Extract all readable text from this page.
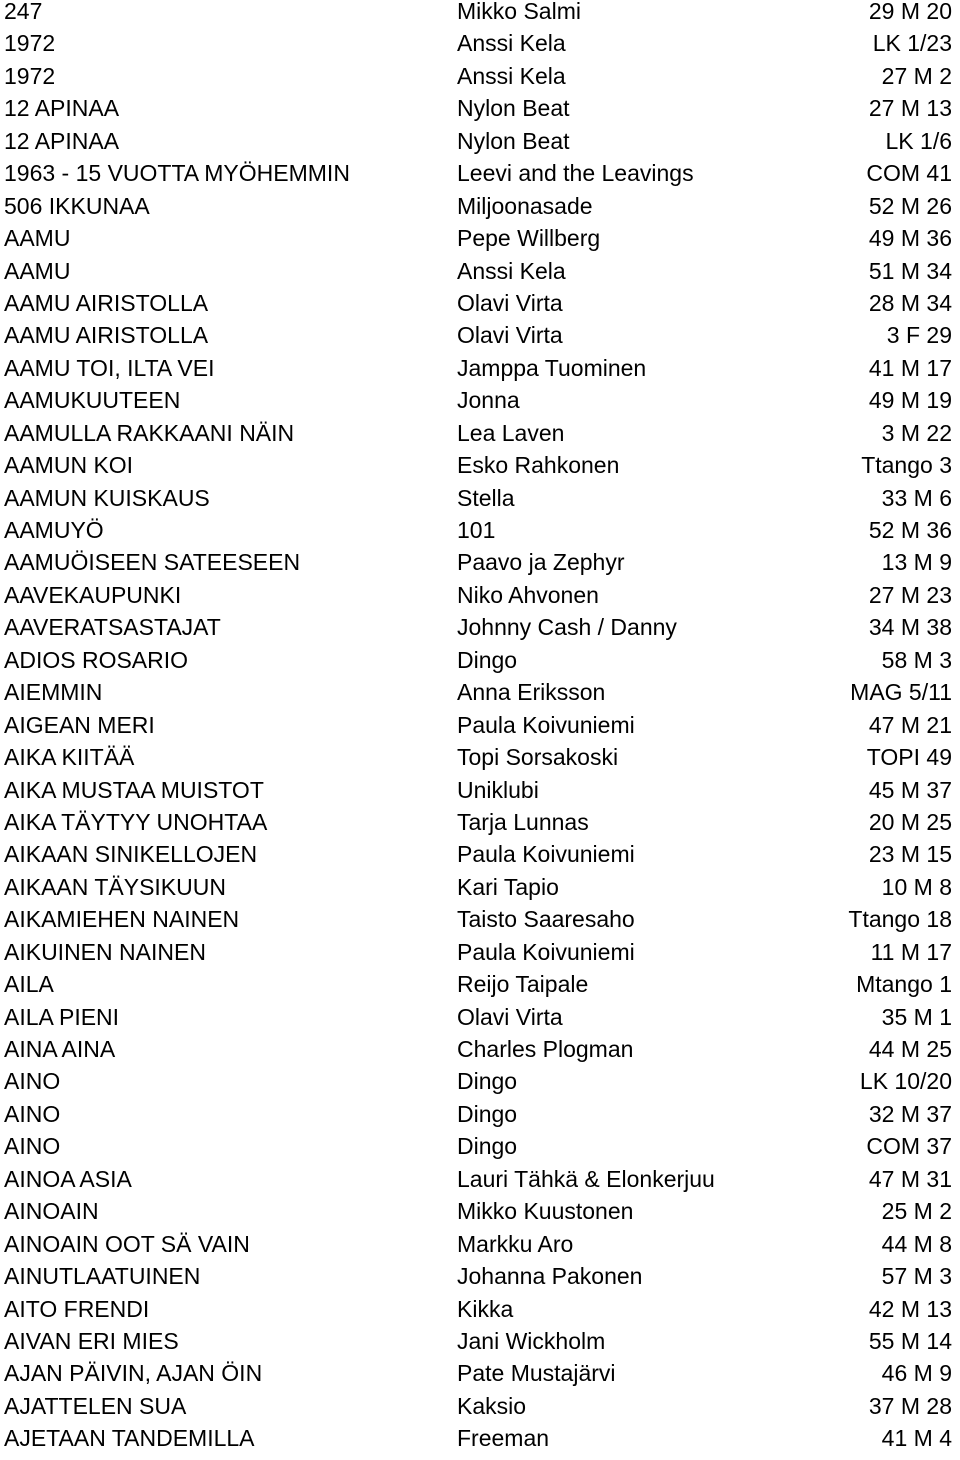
247	Mikko Salmi	29 M 20
1972	Anssi Kela	LK 1/23
1972	Anssi Kela	27 M 2
12 APINAA	Nylon Beat	27 M 13
12 APINAA	Nylon Beat	LK 1/6
1963 - 15 VUOTTA MYÖHEMMIN	Leevi and the Leavings	COM 41
506 IKKUNAA	Miljoonasade	52 M 26
AAMU	Pepe Willberg	49 M 36
AAMU	Anssi Kela	51 M 34
AAMU AIRISTOLLA	Olavi Virta	28 M 34
AAMU AIRISTOLLA	Olavi Virta	3 F 29
AAMU TOI, ILTA VEI	Jamppa Tuominen	41 M 17
AAMUKUUTEEN	Jonna	49 M 19
AAMULLA RAKKAANI NÄIN	Lea Laven	3 M 22
AAMUN KOI	Esko Rahkonen	Ttango 3
AAMUN KUISKAUS	Stella	33 M 6
AAMUYÖ	101	52 M 36
AAMUÖISEEN SATEESEEN	Paavo ja Zephyr	13 M 9
AAVEKAUPUNKI	Niko Ahvonen	27 M 23
AAVERATSASTAJAT	Johnny Cash / Danny	34 M 38
ADIOS ROSARIO	Dingo	58 M 3
AIEMMIN	Anna Eriksson	MAG 5/11
AIGEAN MERI	Paula Koivuniemi	47 M 21
AIKA KIITÄÄ	Topi Sorsakoski	TOPI 49
AIKA MUSTAA MUISTOT	Uniklubi	45 M 37
AIKA TÄYTYY UNOHTAA	Tarja Lunnas	20 M 25
AIKAAN SINIKELLOJEN	Paula Koivuniemi	23 M 15
AIKAAN TÄYSIKUUN	Kari Tapio	10 M 8
AIKAMIEHEN NAINEN	Taisto Saaresaho	Ttango 18
AIKUINEN NAINEN	Paula Koivuniemi	11 M 17
AILA	Reijo Taipale	Mtango 1
AILA PIENI	Olavi Virta	35 M 1
AINA AINA	Charles Plogman	44 M 25
AINO	Dingo	LK 10/20
AINO	Dingo	32 M 37
AINO	Dingo	COM 37
AINOA ASIA	Lauri Tähkä & Elonkerjuu	47 M 31
AINOAIN	Mikko Kuustonen	25 M 2
AINOAIN OOT SÄ VAIN	Markku Aro	44 M 8
AINUTLAATUINEN	Johanna Pakonen	57 M 3
AITO FRENDI	Kikka	42 M 13
AIVAN ERI MIES	Jani Wickholm	55 M 14
AJAN PÄIVIN, AJAN ÖIN	Pate Mustajärvi	46 M 9
AJATTELEN SUA	Kaksio	37 M 28
AJETAAN TANDEMILLA	Freeman	41 M 4
